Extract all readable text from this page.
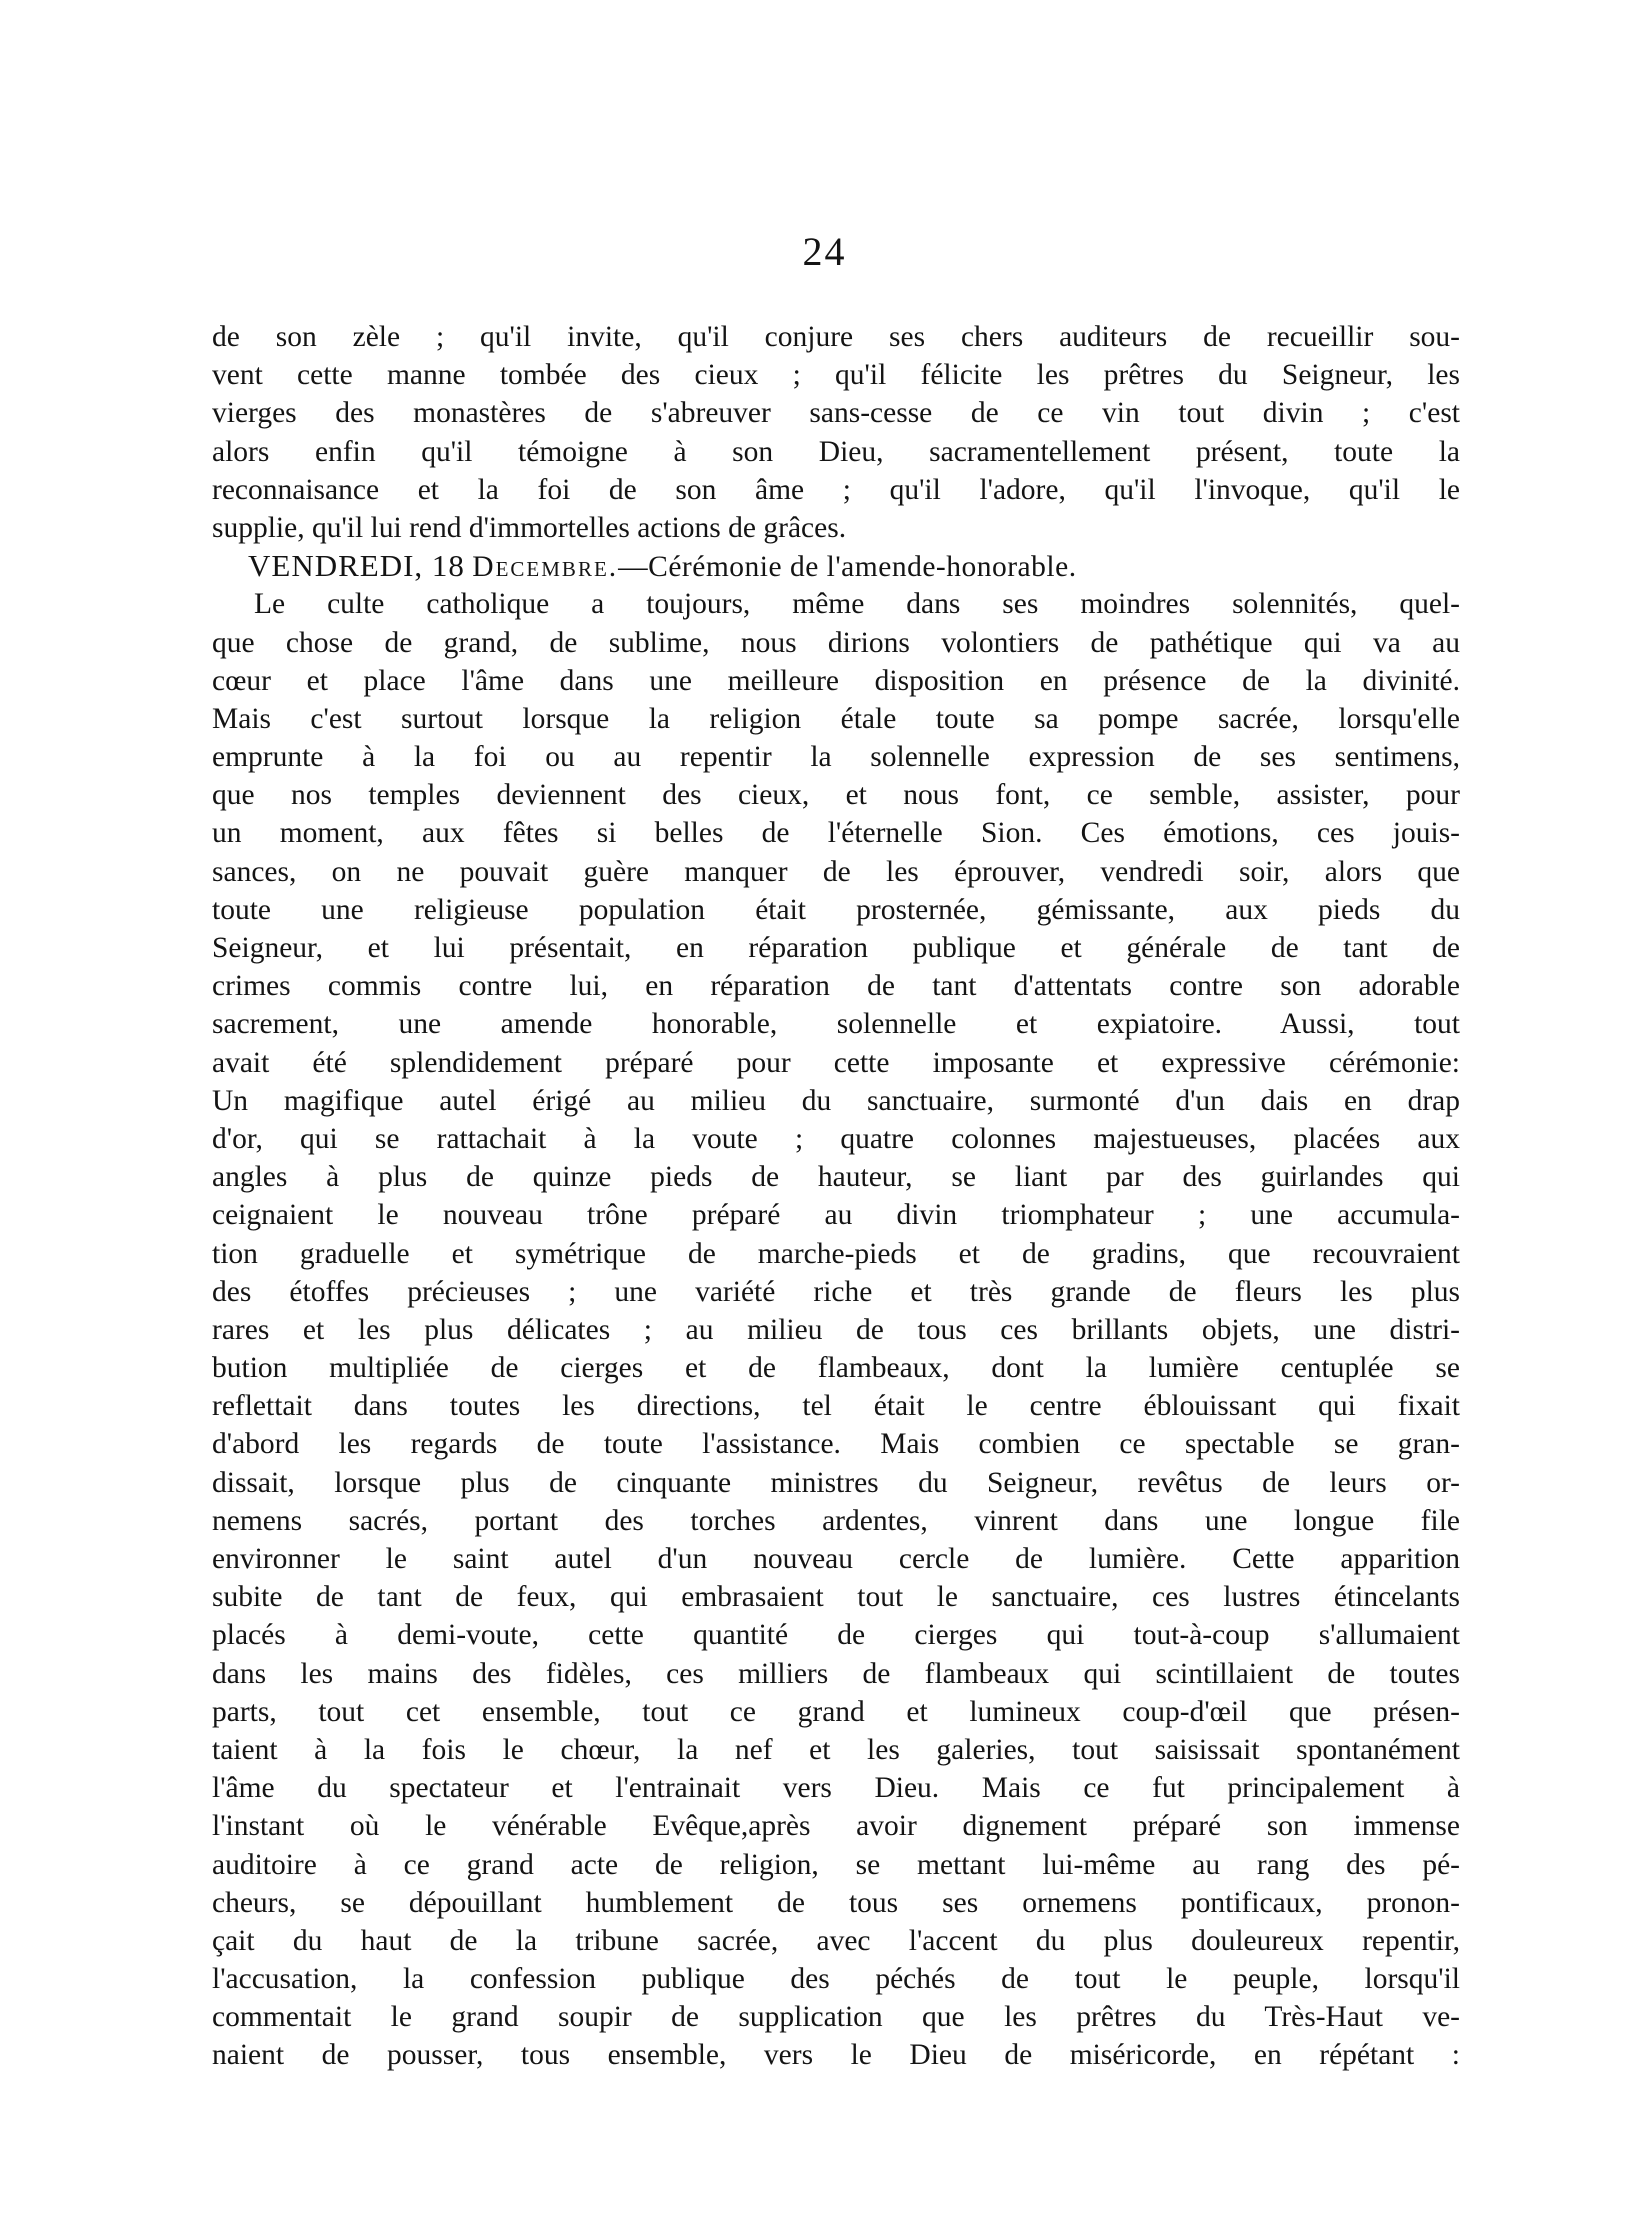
24
de son zèle ; qu'il invite, qu'il conjure ses chers auditeurs de recueillir sou-
vent cette manne tombée des cieux ; qu'il félicite les prêtres du Seigneur, les
vierges des monastères de s'abreuver sans-cesse de ce vin tout divin ; c'est
alors enfin qu'il témoigne à son Dieu, sacramentellement présent, toute la
reconnaisance et la foi de son âme ; qu'il l'adore, qu'il l'invoque, qu'il le
supplie, qu'il lui rend d'immortelles actions de grâces.
VENDREDI, 18 Decembre.—Cérémonie de l'amende-honorable.
Le culte catholique a toujours, même dans ses moindres solennités, quel-
que chose de grand, de sublime, nous dirions volontiers de pathétique qui va au
cœur et place l'âme dans une meilleure disposition en présence de la divinité.
Mais c'est surtout lorsque la religion étale toute sa pompe sacrée, lorsqu'elle
emprunte à la foi ou au repentir la solennelle expression de ses sentimens,
que nos temples deviennent des cieux, et nous font, ce semble, assister, pour
un moment, aux fêtes si belles de l'éternelle Sion. Ces émotions, ces jouis-
sances, on ne pouvait guère manquer de les éprouver, vendredi soir, alors que
toute une religieuse population était prosternée, gémissante, aux pieds du
Seigneur, et lui présentait, en réparation publique et générale de tant de
crimes commis contre lui, en réparation de tant d'attentats contre son adorable
sacrement, une amende honorable, solennelle et expiatoire. Aussi, tout
avait été splendidement préparé pour cette imposante et expressive cérémonie:
Un magifique autel érigé au milieu du sanctuaire, surmonté d'un dais en drap
d'or, qui se rattachait à la voute ; quatre colonnes majestueuses, placées aux
angles à plus de quinze pieds de hauteur, se liant par des guirlandes qui
ceignaient le nouveau trône préparé au divin triomphateur ; une accumula-
tion graduelle et symétrique de marche-pieds et de gradins, que recouvraient
des étoffes précieuses ; une variété riche et très grande de fleurs les plus
rares et les plus délicates ; au milieu de tous ces brillants objets, une distri-
bution multipliée de cierges et de flambeaux, dont la lumière centuplée se
reflettait dans toutes les directions, tel était le centre éblouissant qui fixait
d'abord les regards de toute l'assistance. Mais combien ce spectable se gran-
dissait, lorsque plus de cinquante ministres du Seigneur, revêtus de leurs or-
nemens sacrés, portant des torches ardentes, vinrent dans une longue file
environner le saint autel d'un nouveau cercle de lumière. Cette apparition
subite de tant de feux, qui embrasaient tout le sanctuaire, ces lustres étincelants
placés à demi-voute, cette quantité de cierges qui tout-à-coup s'allumaient
dans les mains des fidèles, ces milliers de flambeaux qui scintillaient de toutes
parts, tout cet ensemble, tout ce grand et lumineux coup-d'œil que présen-
taient à la fois le chœur, la nef et les galeries, tout saisissait spontanément
l'âme du spectateur et l'entrainait vers Dieu. Mais ce fut principalement à
l'instant où le vénérable Evêque,après avoir dignement préparé son immense
auditoire à ce grand acte de religion, se mettant lui-même au rang des pé-
cheurs, se dépouillant humblement de tous ses ornemens pontificaux, pronon-
çait du haut de la tribune sacrée, avec l'accent du plus douleureux repentir,
l'accusation, la confession publique des péchés de tout le peuple, lorsqu'il
commentait le grand soupir de supplication que les prêtres du Très-Haut ve-
naient de pousser, tous ensemble, vers le Dieu de miséricorde, en répétant :
